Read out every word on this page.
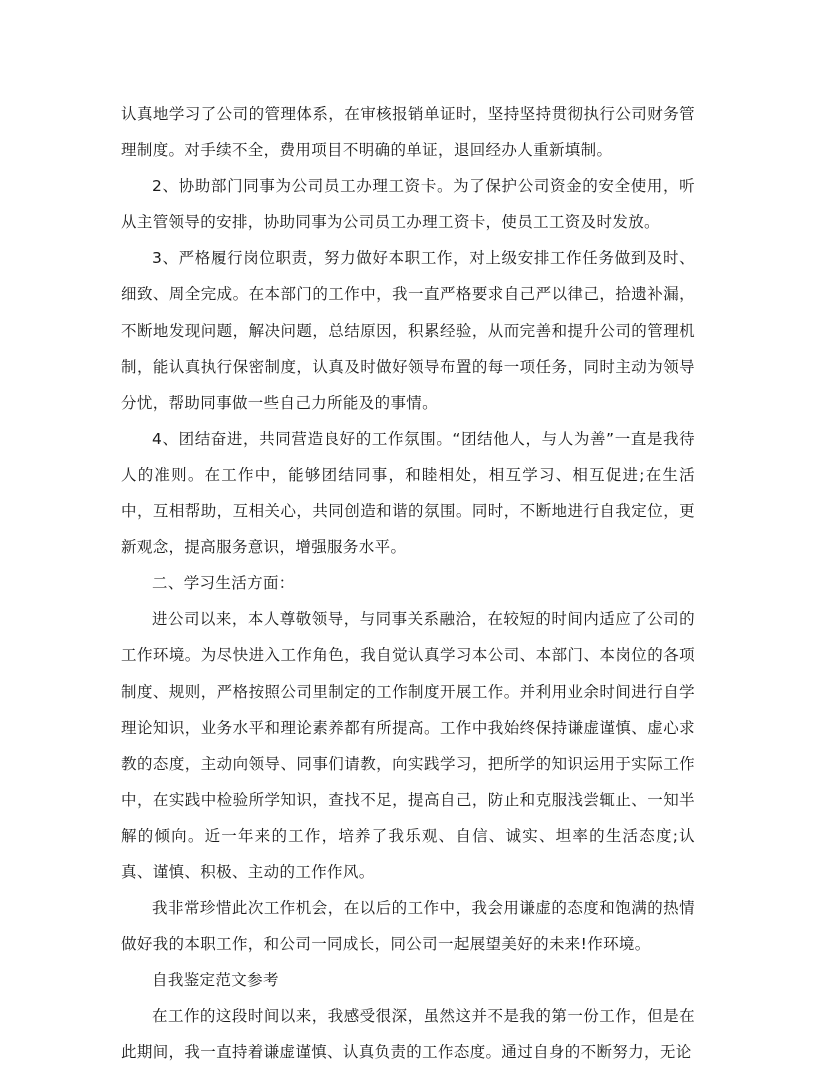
认真地学习了公司的管理体系，在审核报销单证时，坚持坚持贯彻执行公司财务管理制度。对手续不全，费用项目不明确的单证，退回经办人重新填制。

2、协助部门同事为公司员工办理工资卡。为了保护公司资金的安全使用，听从主管领导的安排，协助同事为公司员工办理工资卡，使员工工资及时发放。

3、严格履行岗位职责，努力做好本职工作，对上级安排工作任务做到及时、细致、周全完成。在本部门的工作中，我一直严格要求自己严以律己，拾遗补漏，不断地发现问题，解决问题，总结原因，积累经验，从而完善和提升公司的管理机制，能认真执行保密制度，认真及时做好领导布置的每一项任务，同时主动为领导分忧，帮助同事做一些自己力所能及的事情。

4、团结奋进，共同营造良好的工作氛围。“团结他人，与人为善”一直是我待人的准则。在工作中，能够团结同事，和睦相处，相互学习、相互促进;在生活中，互相帮助，互相关心，共同创造和谐的氛围。同时，不断地进行自我定位，更新观念，提高服务意识，增强服务水平。

二、学习生活方面：

进公司以来，本人尊敬领导，与同事关系融洽，在较短的时间内适应了公司的工作环境。为尽快进入工作角色，我自觉认真学习本公司、本部门、本岗位的各项制度、规则，严格按照公司里制定的工作制度开展工作。并利用业余时间进行自学理论知识，业务水平和理论素养都有所提高。工作中我始终保持谦虚谨慎、虚心求教的态度，主动向领导、同事们请教，向实践学习，把所学的知识运用于实际工作中，在实践中检验所学知识，查找不足，提高自己，防止和克服浅尝辄止、一知半解的倾向。近一年来的工作，培养了我乐观、自信、诚实、坦率的生活态度;认真、谨慎、积极、主动的工作作风。

我非常珍惜此次工作机会，在以后的工作中，我会用谦虚的态度和饱满的热情做好我的本职工作，和公司一同成长，同公司一起展望美好的未来!作环境。

自我鉴定范文参考

在工作的这段时间以来，我感受很深，虽然这并不是我的第一份工作，但是在此期间，我一直持着谦虚谨慎、认真负责的工作态度。通过自身的不断努力，无论
